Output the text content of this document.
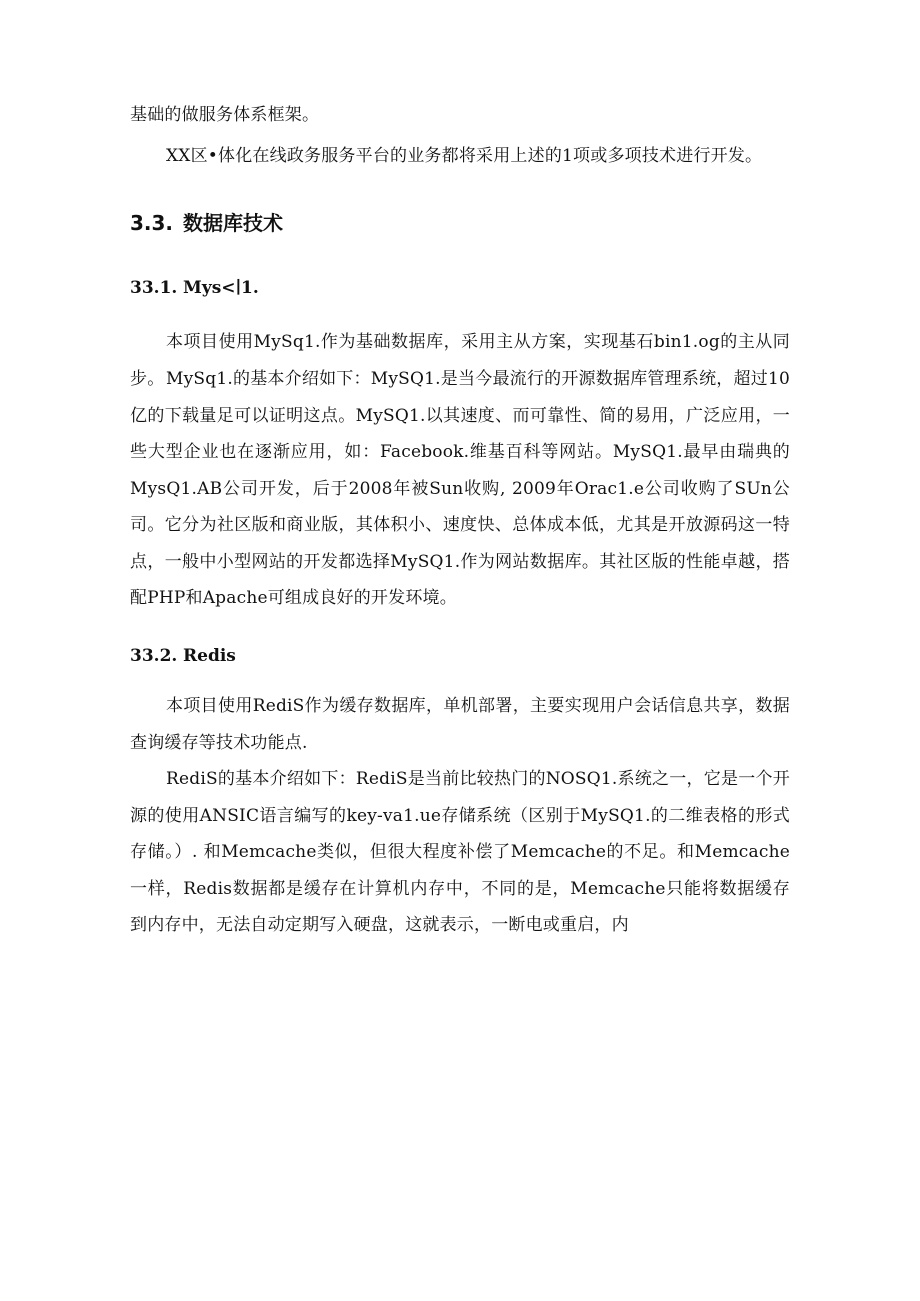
基础的做服务体系框架。

XX区•体化在线政务服务平台的业务都将采用上述的1项或多项技术进行开发。

3.3. 数据库技术
33.1. Mys<∣1.

本项目使用MySq1.作为基础数据库，采用主从方案，实现基石bin1.og的主从同步。 MySq1.的基本介绍如下：MySQ1.是当今最流行的开源数据库管理系统，超过10亿的下载量足可以证明这点。MySQ1.以其速度、而可靠性、简的易用，广泛应用，一些大型企业也在逐渐应用，如：Facebook.维基百科等网站。MySQ1.最早由瑞典的MysQ1.AB公司开发，后于2008年被Sun收购, 2009年Orac1.e公司收购了SUn公司。它分为社区版和商业版，其体积小、速度快、总体成本低，尤其是开放源码这一特点，一般中小型网站的开发都选择MySQ1.作为网站数据库。其社区版的性能卓越，搭配PHP和Apache可组成良好的开发环境。

33.2. Redis

本项目使用RediS作为缓存数据库，单机部署，主要实现用户会话信息共享，数据查询缓存等技术功能点.

RediS的基本介绍如下：RediS是当前比较热门的NOSQ1.系统之一，它是一个开源的使用ANSIC语言编写的key-va1.ue存储系统（区别于MySQ1.的二维表格的形式存储。）. 和Memcache类似，但很大程度补偿了Memcache的不足。和Memcache一样，Redis数据都是缓存在计算机内存中，不同的是，Memcache只能将数据缓存到内存中，无法自动定期写入硬盘，这就表示，一断电或重启，内
